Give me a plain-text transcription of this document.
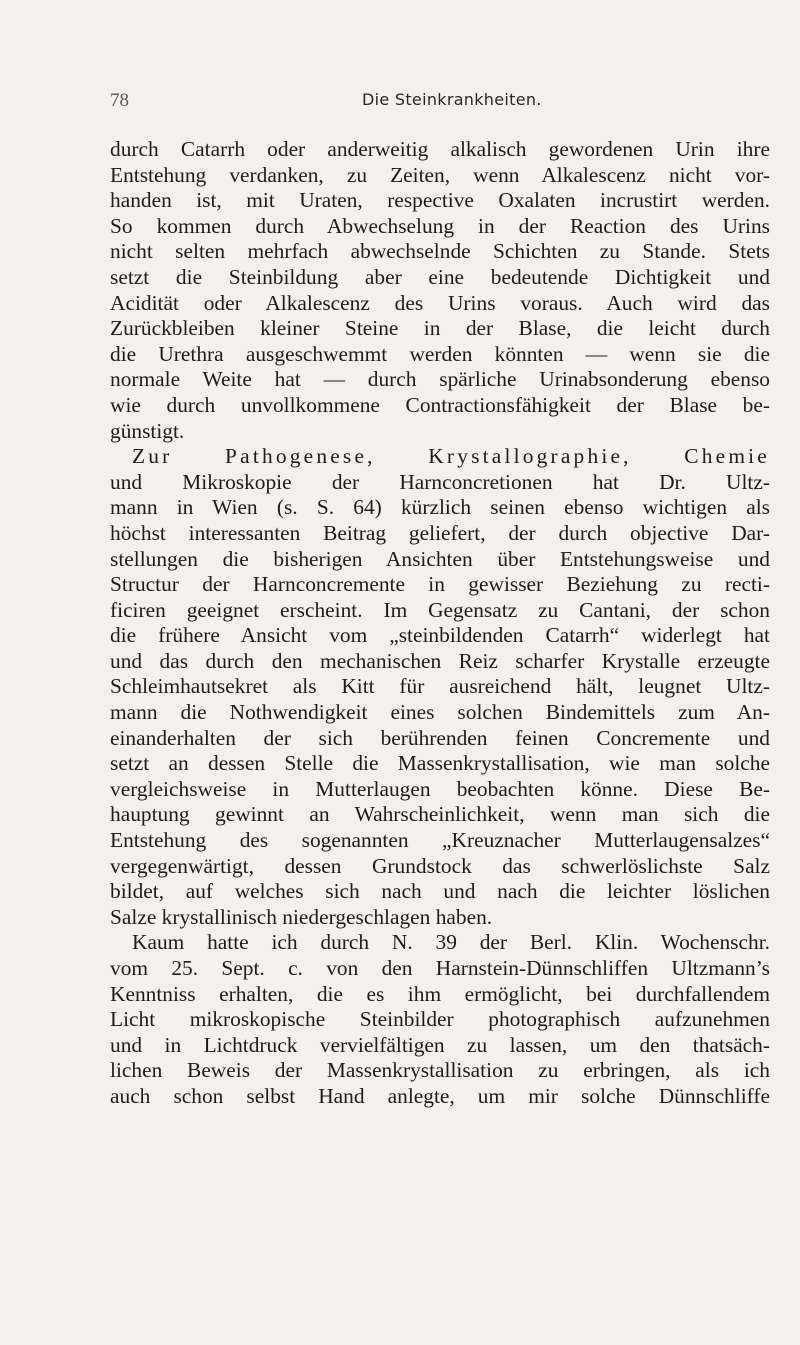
78	Die Steinkrankheiten.
durch Catarrh oder anderweitig alkalisch gewordenen Urin ihre
Entstehung verdanken, zu Zeiten, wenn Alkalescenz nicht vor-
handen ist, mit Uraten, respective Oxalaten incrustirt werden.
So kommen durch Abwechselung in der Reaction des Urins
nicht selten mehrfach abwechselnde Schichten zu Stande. Stets
setzt die Steinbildung aber eine bedeutende Dichtigkeit und
Acidität oder Alkalescenz des Urins voraus. Auch wird das
Zurückbleiben kleiner Steine in der Blase, die leicht durch
die Urethra ausgeschwemmt werden könnten — wenn sie die
normale Weite hat — durch spärliche Urinabsonderung ebenso
wie durch unvollkommene Contractionsfähigkeit der Blase be-
günstigt.
Zur Pathogenese, Krystallographie, Chemie
und Mikroskopie der Harnconcretionen hat Dr. Ultz-
mann in Wien (s. S. 64) kürzlich seinen ebenso wichtigen als
höchst interessanten Beitrag geliefert, der durch objective Dar-
stellungen die bisherigen Ansichten über Entstehungsweise und
Structur der Harnconcremente in gewisser Beziehung zu recti-
ficiren geeignet erscheint. Im Gegensatz zu Cantani, der schon
die frühere Ansicht vom „steinbildenden Catarrh“ widerlegt hat
und das durch den mechanischen Reiz scharfer Krystalle erzeugte
Schleimhautsekret als Kitt für ausreichend hält, leugnet Ultz-
mann die Nothwendigkeit eines solchen Bindemittels zum An-
einanderhalten der sich berührenden feinen Concremente und
setzt an dessen Stelle die Massenkrystallisation, wie man solche
vergleichsweise in Mutterlaugen beobachten könne. Diese Be-
hauptung gewinnt an Wahrscheinlichkeit, wenn man sich die
Entstehung des sogenannten „Kreuznacher Mutterlaugensalzes“
vergegenwärtigt, dessen Grundstock das schwerlöslichste Salz
bildet, auf welches sich nach und nach die leichter löslichen
Salze krystallinisch niedergeschlagen haben.
Kaum hatte ich durch N. 39 der Berl. Klin. Wochenschr.
vom 25. Sept. c. von den Harnstein-Dünnschliffen Ultzmann’s
Kenntniss erhalten, die es ihm ermöglicht, bei durchfallendem
Licht mikroskopische Steinbilder photographisch aufzunehmen
und in Lichtdruck vervielfältigen zu lassen, um den thatsäch-
lichen Beweis der Massenkrystallisation zu erbringen, als ich
auch schon selbst Hand anlegte, um mir solche Dünnschliffe
